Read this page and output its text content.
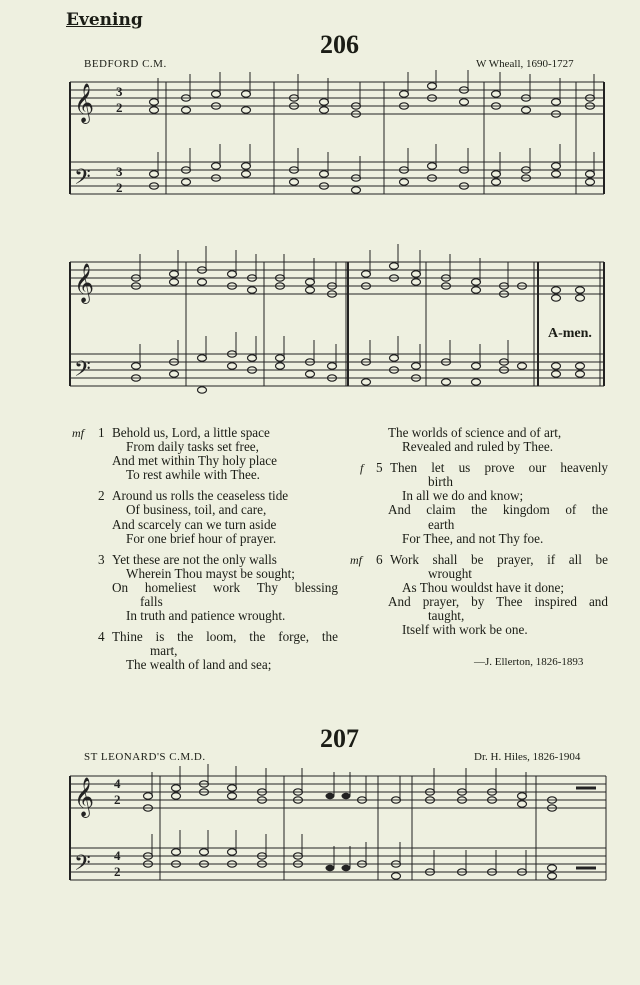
Evening
206
BEDFORD C.M.	W Wheall, 1690-1727
𝄞
𝄢
3
2
3
2
𝄞
𝄢
A-men.
mf 1 Behold us, Lord, a little space
From daily tasks set free,
And met within Thy holy place
To rest awhile with Thee.
2 Around us rolls the ceaseless tide
Of business, toil, and care,
And scarcely can we turn aside
For one brief hour of prayer.
3 Yet these are not the only walls
Wherein Thou mayst be sought;
On homeliest work Thy blessing
falls
In truth and patience wrought.
4 Thine is the loom, the forge, the
mart,
The wealth of land and sea;
The worlds of science and of art,
Revealed and ruled by Thee.
f 5 Then let us prove our heavenly
birth
In all we do and know;
And claim the kingdom of the
earth
For Thee, and not Thy foe.
mf 6 Work shall be prayer, if all be
wrought
As Thou wouldst have it done;
And prayer, by Thee inspired and
taught,
Itself with work be one.
—J. Ellerton, 1826-1893
207
ST LEONARD'S C.M.D.	Dr. H. Hiles, 1826-1904
𝄞
𝄢
4
2
4
2
